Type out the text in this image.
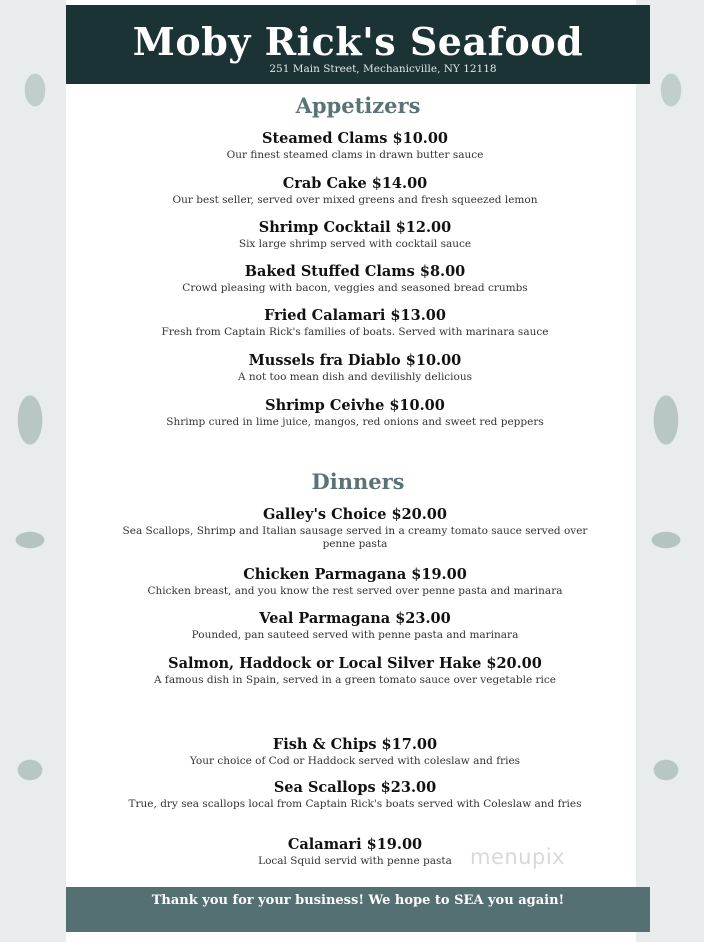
Moby Rick's Seafood
251 Main Street, Mechanicville, NY 12118
Appetizers
Steamed Clams $10.00
Our finest steamed clams in drawn butter sauce
Crab Cake $14.00
Our best seller, served over mixed greens and fresh squeezed lemon
Shrimp Cocktail $12.00
Six large shrimp served with cocktail sauce
Baked Stuffed Clams $8.00
Crowd pleasing with bacon, veggies and seasoned bread crumbs
Fried Calamari $13.00
Fresh from Captain Rick's families of boats. Served with marinara sauce
Mussels fra Diablo $10.00
A not too mean dish and devilishly delicious
Shrimp Ceivhe $10.00
Shrimp cured in lime juice, mangos, red onions and sweet red peppers
Dinners
Galley's Choice $20.00
Sea Scallops, Shrimp and Italian sausage served in a creamy tomato sauce served over penne pasta
Chicken Parmagana $19.00
Chicken breast, and you know the rest served over penne pasta and marinara
Veal Parmagana $23.00
Pounded, pan sauteed served with penne pasta and marinara
Salmon, Haddock or Local Silver Hake $20.00
A famous dish in Spain, served in a green tomato sauce over vegetable rice
Fish & Chips $17.00
Your choice of Cod or Haddock served with coleslaw and fries
Sea Scallops $23.00
True, dry sea scallops local from Captain Rick's boats served with Coleslaw and fries
Calamari $19.00
Local Squid servid with penne pasta menupix
Thank you for your business! We hope to SEA you again!
